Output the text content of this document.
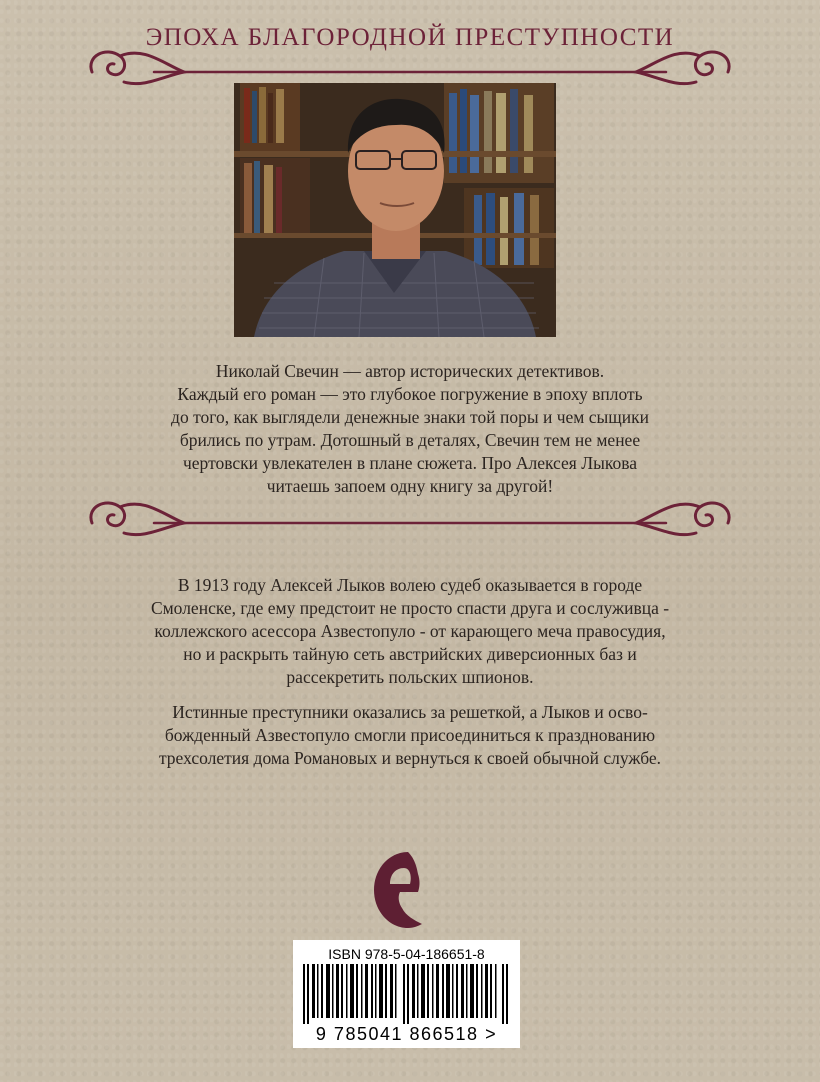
ЭПОХА БЛАГОРОДНОЙ ПРЕСТУПНОСТИ

Николай Свечин — автор исторических детективов.

Каждый его роман — это глубокое погружение в эпоху вплоть

до того, как выглядели денежные знаки той поры и чем сыщики

брились по утрам. Дотошный в деталях, Свечин тем не менее

чертовски увлекателен в плане сюжета. Про Алексея Лыкова

читаешь запоем одну книгу за другой!

В 1913 году Алексей Лыков волею судеб оказывается в городе
Смоленске, где ему предстоит не просто спасти друга и сослуживца -
коллежского асессора Азвестопуло - от карающего меча правосудия,
но и раскрыть тайную сеть австрийских диверсионных баз и
рассекретить польских шпионов.

Истинные преступники оказались за решеткой, а Лыков и осво-
божденный Азвестопуло смогли присоединиться к празднованию
трехсолетия дома Романовых и вернуться к своей обычной службе.

ISBN 978-5-04-186651-8
9 785041 866518 >
